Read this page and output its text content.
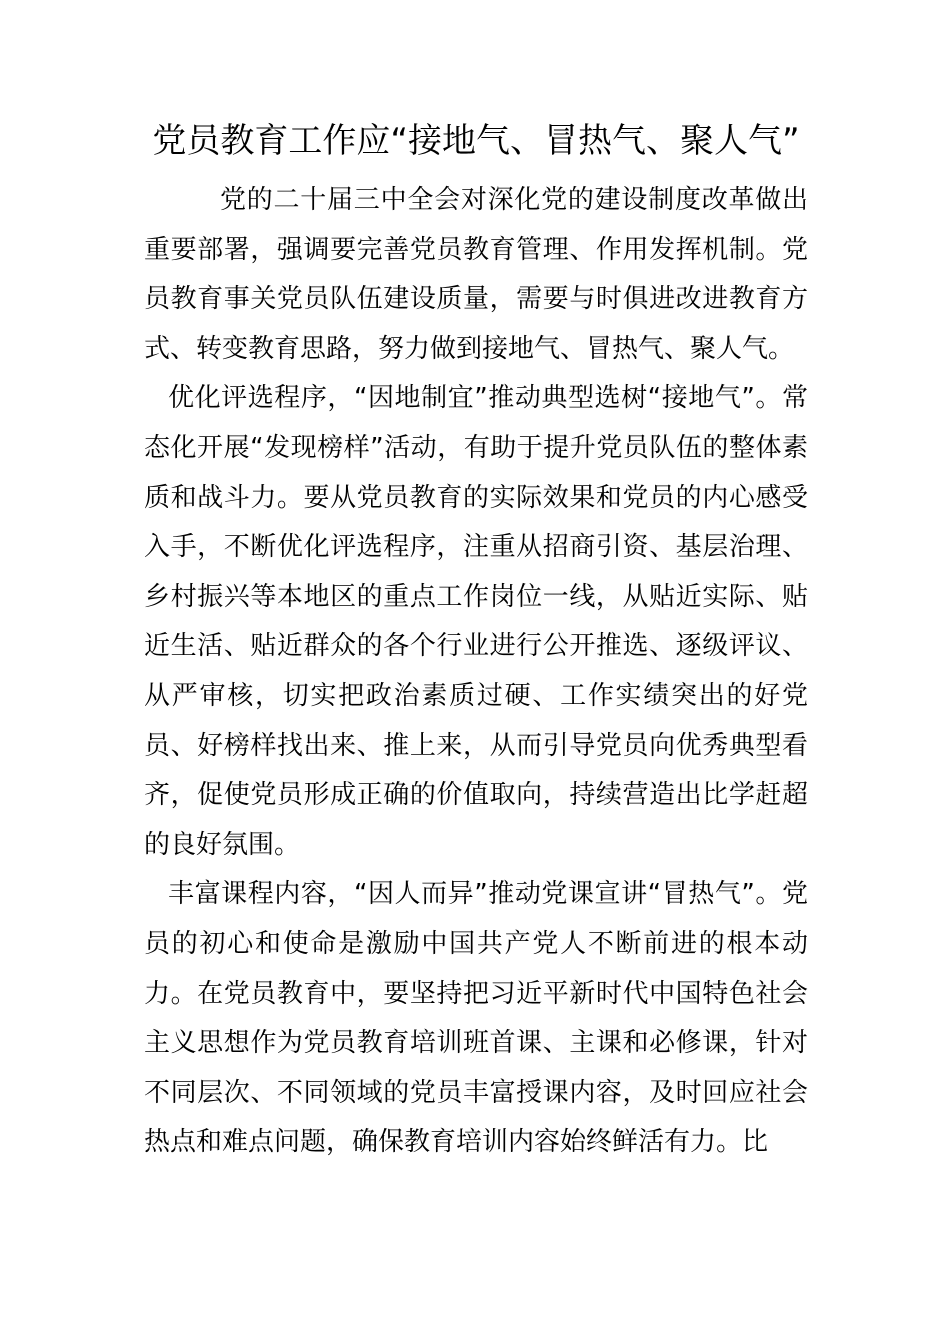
党员教育工作应“接地气、冒热气、聚人气”

党的二十届三中全会对深化党的建设制度改革做出重要部署，强调要完善党员教育管理、作用发挥机制。党员教育事关党员队伍建设质量，需要与时俱进改进教育方式、转变教育思路，努力做到接地气、冒热气、聚人气。

优化评选程序，“因地制宜”推动典型选树“接地气”。常态化开展“发现榜样”活动，有助于提升党员队伍的整体素质和战斗力。要从党员教育的实际效果和党员的内心感受入手，不断优化评选程序，注重从招商引资、基层治理、乡村振兴等本地区的重点工作岗位一线，从贴近实际、贴近生活、贴近群众的各个行业进行公开推选、逐级评议、从严审核，切实把政治素质过硬、工作实绩突出的好党员、好榜样找出来、推上来，从而引导党员向优秀典型看齐，促使党员形成正确的价值取向，持续营造出比学赶超的良好氛围。

丰富课程内容，“因人而异”推动党课宣讲“冒热气”。党员的初心和使命是激励中国共产党人不断前进的根本动力。在党员教育中，要坚持把习近平新时代中国特色社会主义思想作为党员教育培训班首课、主课和必修课，针对不同层次、不同领域的党员丰富授课内容，及时回应社会热点和难点问题，确保教育培训内容始终鲜活有力。比
